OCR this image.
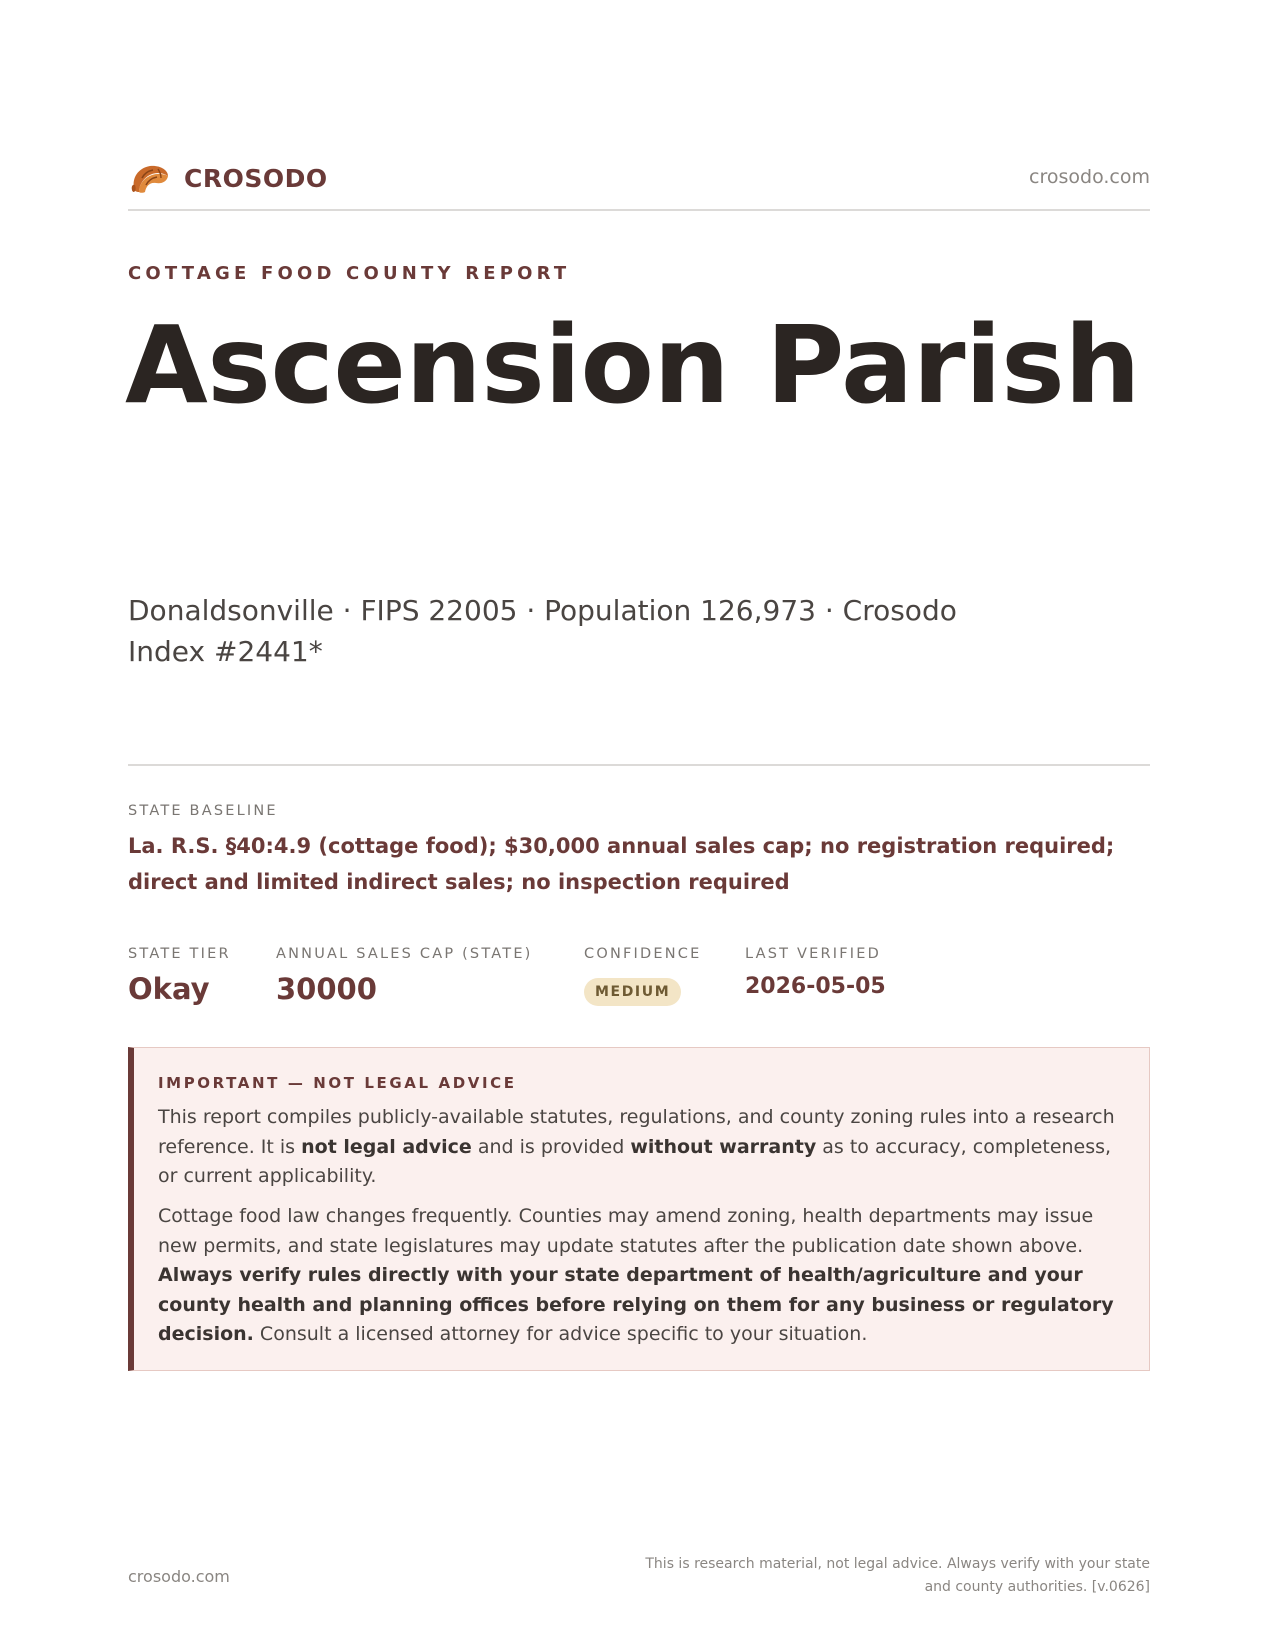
CROSODO	crosodo.com
COTTAGE FOOD COUNTY REPORT
Ascension Parish
Donaldsonville · FIPS 22005 · Population 126,973 · Crosodo Index #2441*
STATE BASELINE
La. R.S. §40:4.9 (cottage food); $30,000 annual sales cap; no registration required; direct and limited indirect sales; no inspection required
STATE TIER
Okay
ANNUAL SALES CAP (STATE)
30000
CONFIDENCE
MEDIUM
LAST VERIFIED
2026-05-05
IMPORTANT — NOT LEGAL ADVICE

This report compiles publicly-available statutes, regulations, and county zoning rules into a research reference. It is not legal advice and is provided without warranty as to accuracy, completeness, or current applicability.

Cottage food law changes frequently. Counties may amend zoning, health departments may issue new permits, and state legislatures may update statutes after the publication date shown above. Always verify rules directly with your state department of health/agriculture and your county health and planning offices before relying on them for any business or regulatory decision. Consult a licensed attorney for advice specific to your situation.

crosodo.com
This is research material, not legal advice. Always verify with your state and county authorities. [v.0626]
